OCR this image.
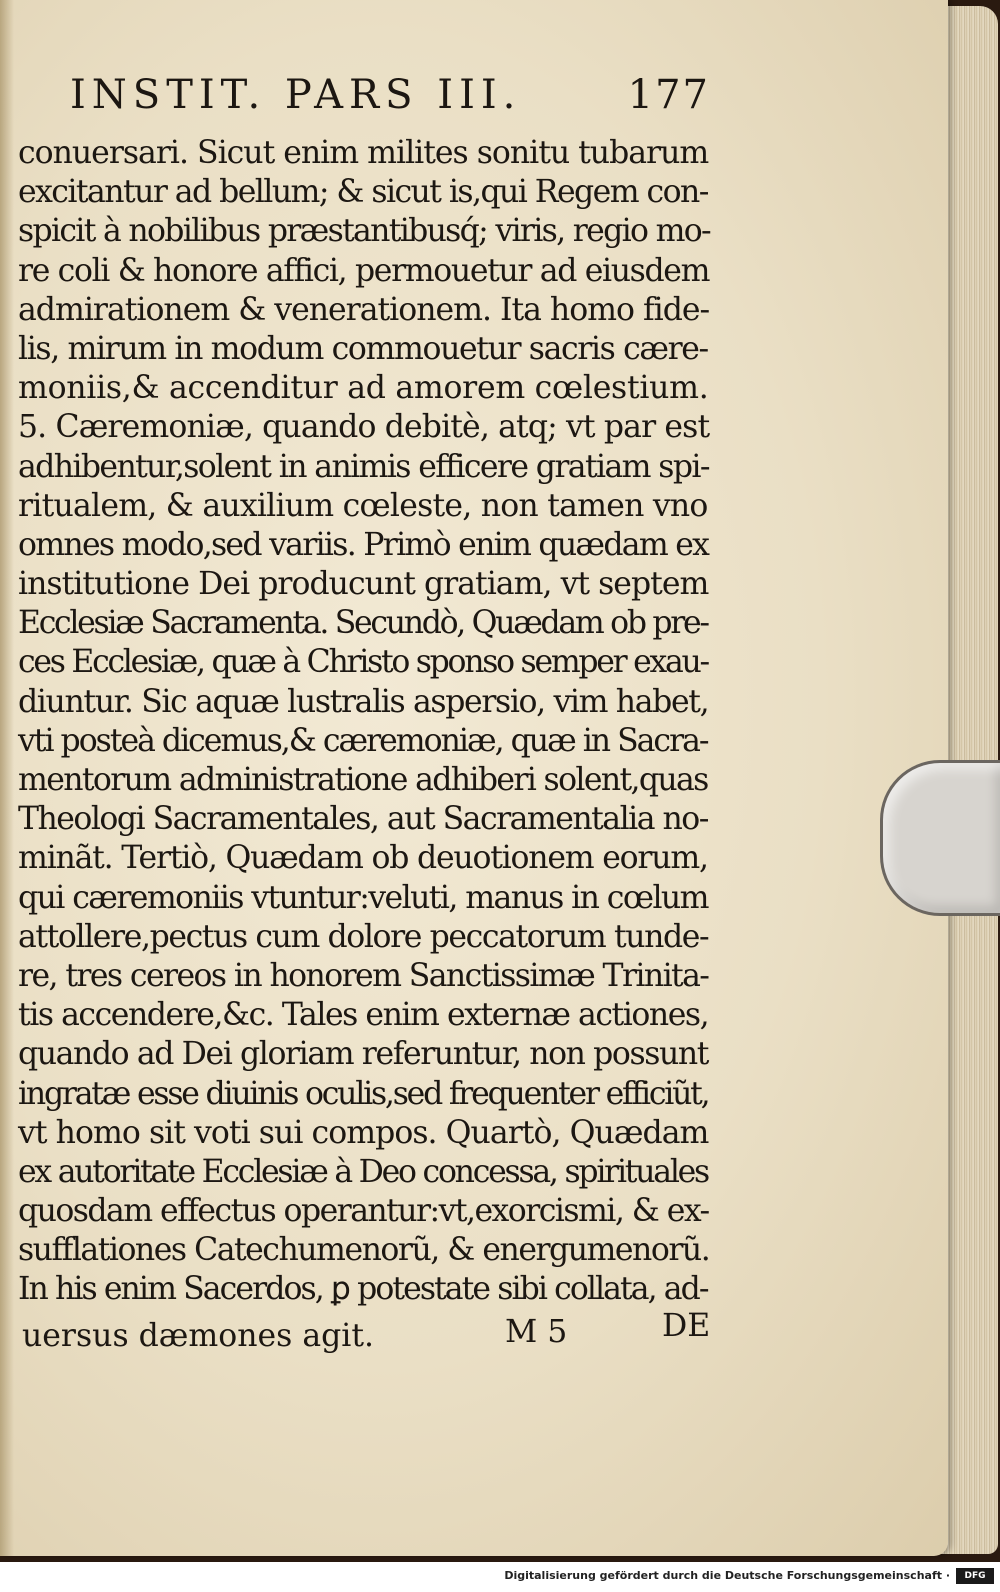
INSTIT. PARS III.	177
conuersari. Sicut enim milites sonitu tubarum
excitantur ad bellum; & sicut is,qui Regem con-
spicit à nobilibus præstantibusq́; viris, regio mo-
re coli & honore affici, permouetur ad eiusdem
admirationem & venerationem. Ita homo fide-
lis, mirum in modum commouetur sacris cære-
moniis,& accenditur ad amorem cœlestium.
5. Cæremoniæ, quando debitè, atq; vt par est
adhibentur,solent in animis efficere gratiam spi-
ritualem, & auxilium cœleste, non tamen vno
omnes modo,sed variis. Primò enim quædam ex
institutione Dei producunt gratiam, vt septem
Ecclesiæ Sacramenta. Secundò, Quædam ob pre-
ces Ecclesiæ, quæ à Christo sponso semper exau-
diuntur. Sic aquæ lustralis aspersio, vim habet,
vti posteà dicemus,& cæremoniæ, quæ in Sacra-
mentorum administratione adhiberi solent,quas
Theologi Sacramentales, aut Sacramentalia no-
minãt. Tertiò, Quædam ob deuotionem eorum,
qui cæremoniis vtuntur:veluti, manus in cœlum
attollere,pectus cum dolore peccatorum tunde-
re, tres cereos in honorem Sanctissimæ Trinita-
tis accendere,&c. Tales enim externæ actiones,
quando ad Dei gloriam referuntur, non possunt
ingratæ esse diuinis oculis,sed frequenter efficiũt,
vt homo sit voti sui compos. Quartò, Quædam
ex autoritate Ecclesiæ à Deo concessa, spirituales
quosdam effectus operantur:vt,exorcismi, & ex-
sufflationes Catechumenorũ, & energumenorũ.
In his enim Sacerdos, ꝑ potestate sibi collata, ad-
uersus dæmones agit.	M 5	DE
Digitalisierung gefördert durch die Deutsche Forschungsgemeinschaft ·	DFG
